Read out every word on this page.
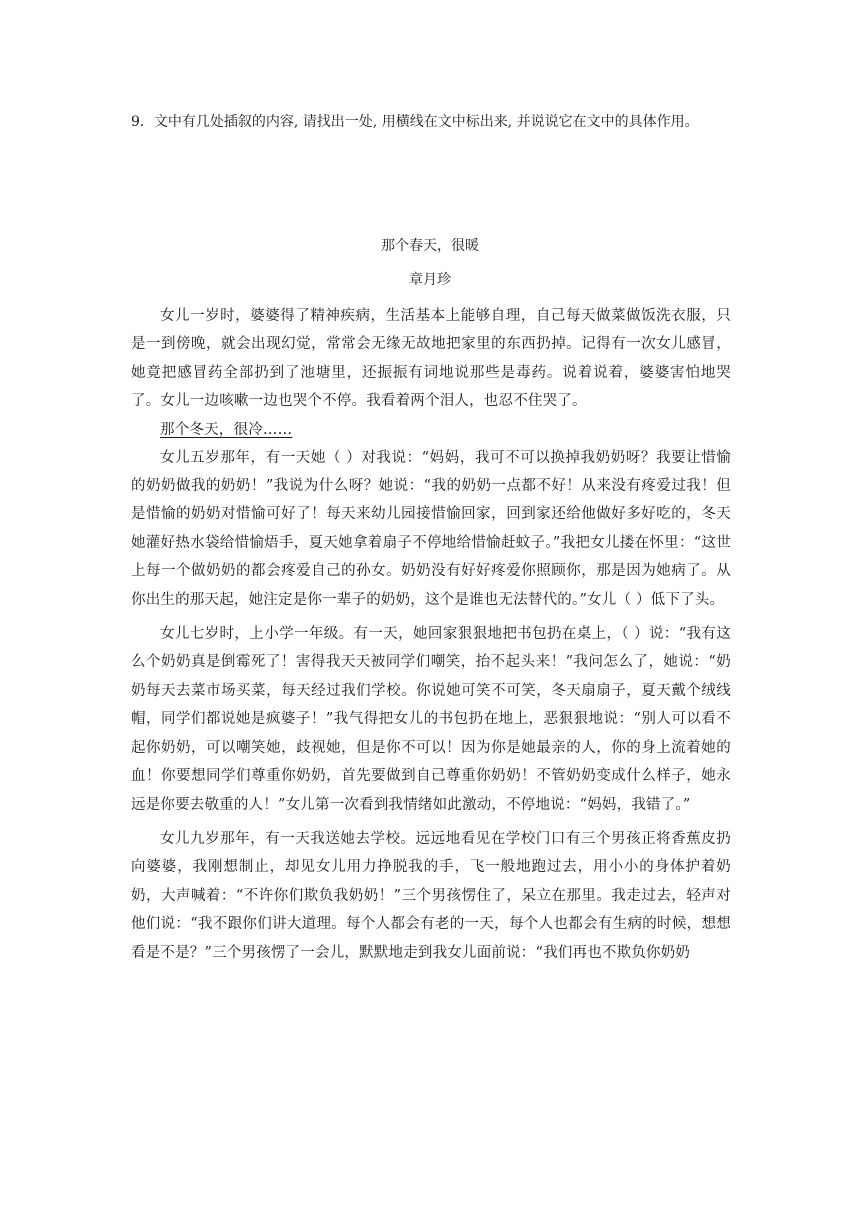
9．文中有几处插叙的内容, 请找出一处, 用横线在文中标出来, 并说说它在文中的具体作用。
那个春天，很暖
章月珍

女儿一岁时，婆婆得了精神疾病，生活基本上能够自理，自己每天做菜做饭洗衣服，只是一到傍晚，就会出现幻觉，常常会无缘无故地把家里的东西扔掉。记得有一次女儿感冒，她竟把感冒药全部扔到了池塘里，还振振有词地说那些是毒药。说着说着，婆婆害怕地哭了。女儿一边咳嗽一边也哭个不停。我看着两个泪人，也忍不住哭了。

那个冬天，很冷……

女儿五岁那年，有一天她（ ）对我说：“妈妈，我可不可以换掉我奶奶呀？我要让惜愉的奶奶做我的奶奶！”我说为什么呀？她说：“我的奶奶一点都不好！从来没有疼爱过我！但是惜愉的奶奶对惜愉可好了！每天来幼儿园接惜愉回家，回到家还给他做好多好吃的，冬天她灌好热水袋给惜愉焐手，夏天她拿着扇子不停地给惜愉赶蚊子。”我把女儿搂在怀里：“这世上每一个做奶奶的都会疼爱自己的孙女。奶奶没有好好疼爱你照顾你，那是因为她病了。从你出生的那天起，她注定是你一辈子的奶奶，这个是谁也无法替代的。”女儿（ ）低下了头。

女儿七岁时，上小学一年级。有一天，她回家狠狠地把书包扔在桌上，（ ）说：“我有这么个奶奶真是倒霉死了！害得我天天被同学们嘲笑，抬不起头来！”我问怎么了，她说：“奶奶每天去菜市场买菜，每天经过我们学校。你说她可笑不可笑，冬天扇扇子，夏天戴个绒线帽，同学们都说她是疯婆子！”我气得把女儿的书包扔在地上，恶狠狠地说：“别人可以看不起你奶奶，可以嘲笑她，歧视她，但是你不可以！因为你是她最亲的人，你的身上流着她的血！你要想同学们尊重你奶奶，首先要做到自己尊重你奶奶！不管奶奶变成什么样子，她永远是你要去敬重的人！”女儿第一次看到我情绪如此激动，不停地说：“妈妈，我错了。”

女儿九岁那年，有一天我送她去学校。远远地看见在学校门口有三个男孩正将香蕉皮扔向婆婆，我刚想制止，却见女儿用力挣脱我的手，飞一般地跑过去，用小小的身体护着奶奶，大声喊着：“不许你们欺负我奶奶！”三个男孩愣住了，呆立在那里。我走过去，轻声对他们说：“我不跟你们讲大道理。每个人都会有老的一天，每个人也都会有生病的时候，想想看是不是？”三个男孩愣了一会儿，默默地走到我女儿面前说：“我们再也不欺负你奶奶
